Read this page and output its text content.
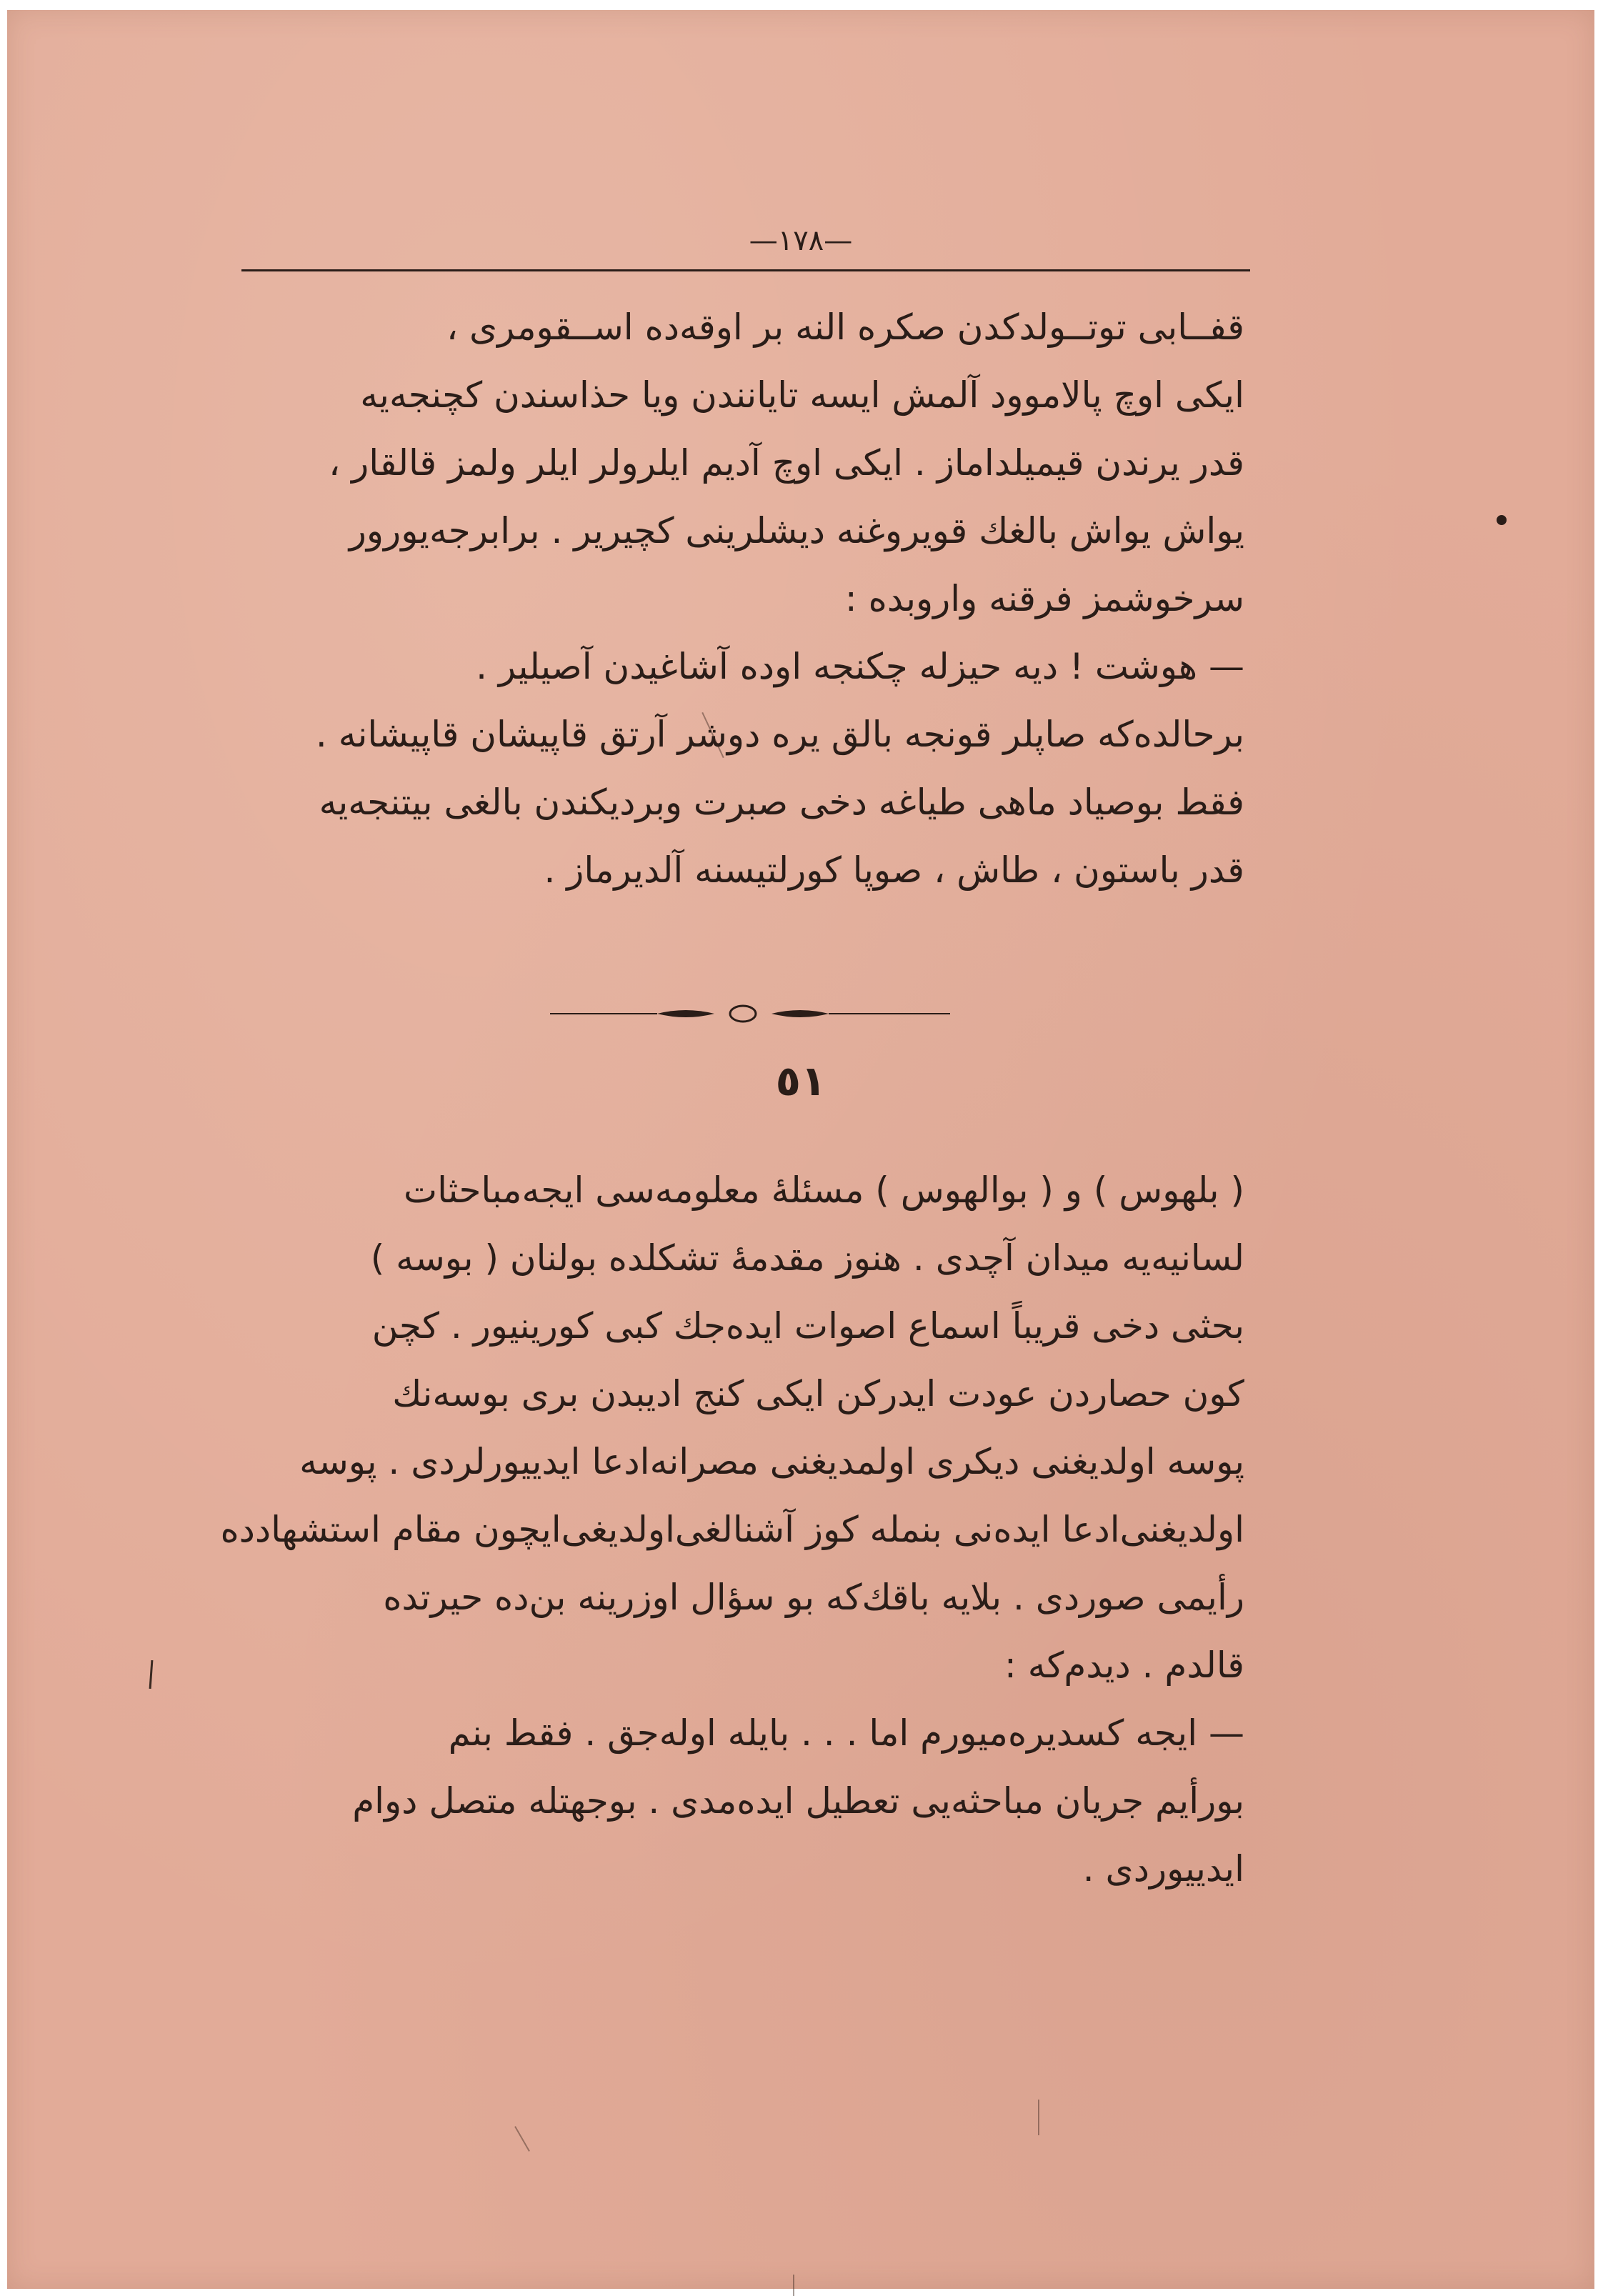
—١٧٨—

قفــابی توتــولدكدن صكره النه بر اوقه‌ده اســقومری ،

ایكی اوچ پالاموود آلمش ایسه تایانندن ویا حذاسندن كچنجه‌یه

قدر یرندن قیمیلداماز . ایكی اوچ آدیم ایلرولر ایلر ولمز قالقار ،

یواش یواش بالغك قویروغنه دیشلرینی كچیریر . برابرجه‌یورور

سرخوشمز فرقنه واروبده :

— هوشت ! دیه حیزله چكنجه اوده آشاغیدن آصیلیر .

برحالده‌كه صاپلر قونجه بالق یره دوشر آرتق قاپیشان قاپیشانه .

فقط بوصیاد ماهی طیاغه دخی صبرت وبردیكندن بالغی بیتنجه‌یه

قدر باستون ، طاش ، صوپا كورلتیسنه آلدیرماز .

٥١

( بلهوس ) و ( بوالهوس ) مسئلهٔ معلومه‌سی ایجه‌مباحثات

لسانیه‌یه میدان آچدی . هنوز مقدمهٔ تشكلده بولنان ( بوسه )

بحثی دخی قریباً اسماع اصوات ایده‌جك كبی كورینیور . كچن

كون حصاردن عودت ایدركن ایكی كنج ادیبدن بری بوسه‌نك

پوسه اولدیغنی دیكری اولمدیغنی مصرانه‌ادعا ایدییورلردی . پوسه

اولدیغنی‌ادعا ایده‌نی بنمله كوز آشنالغی‌اولدیغی‌ایچون مقام استشهادده

رأیمی صوردی . بلایه باقك‌كه بو سؤال اوزرینه بن‌ده حیرتده

قالدم . دیدم‌كه :

— ایجه كسدیره‌میورم اما . . . بایله اوله‌جق . فقط بنم

بورأیم جریان مباحثه‌یی تعطیل ایده‌مدی . بوجهتله متصل دوام

ایدییوردی .
